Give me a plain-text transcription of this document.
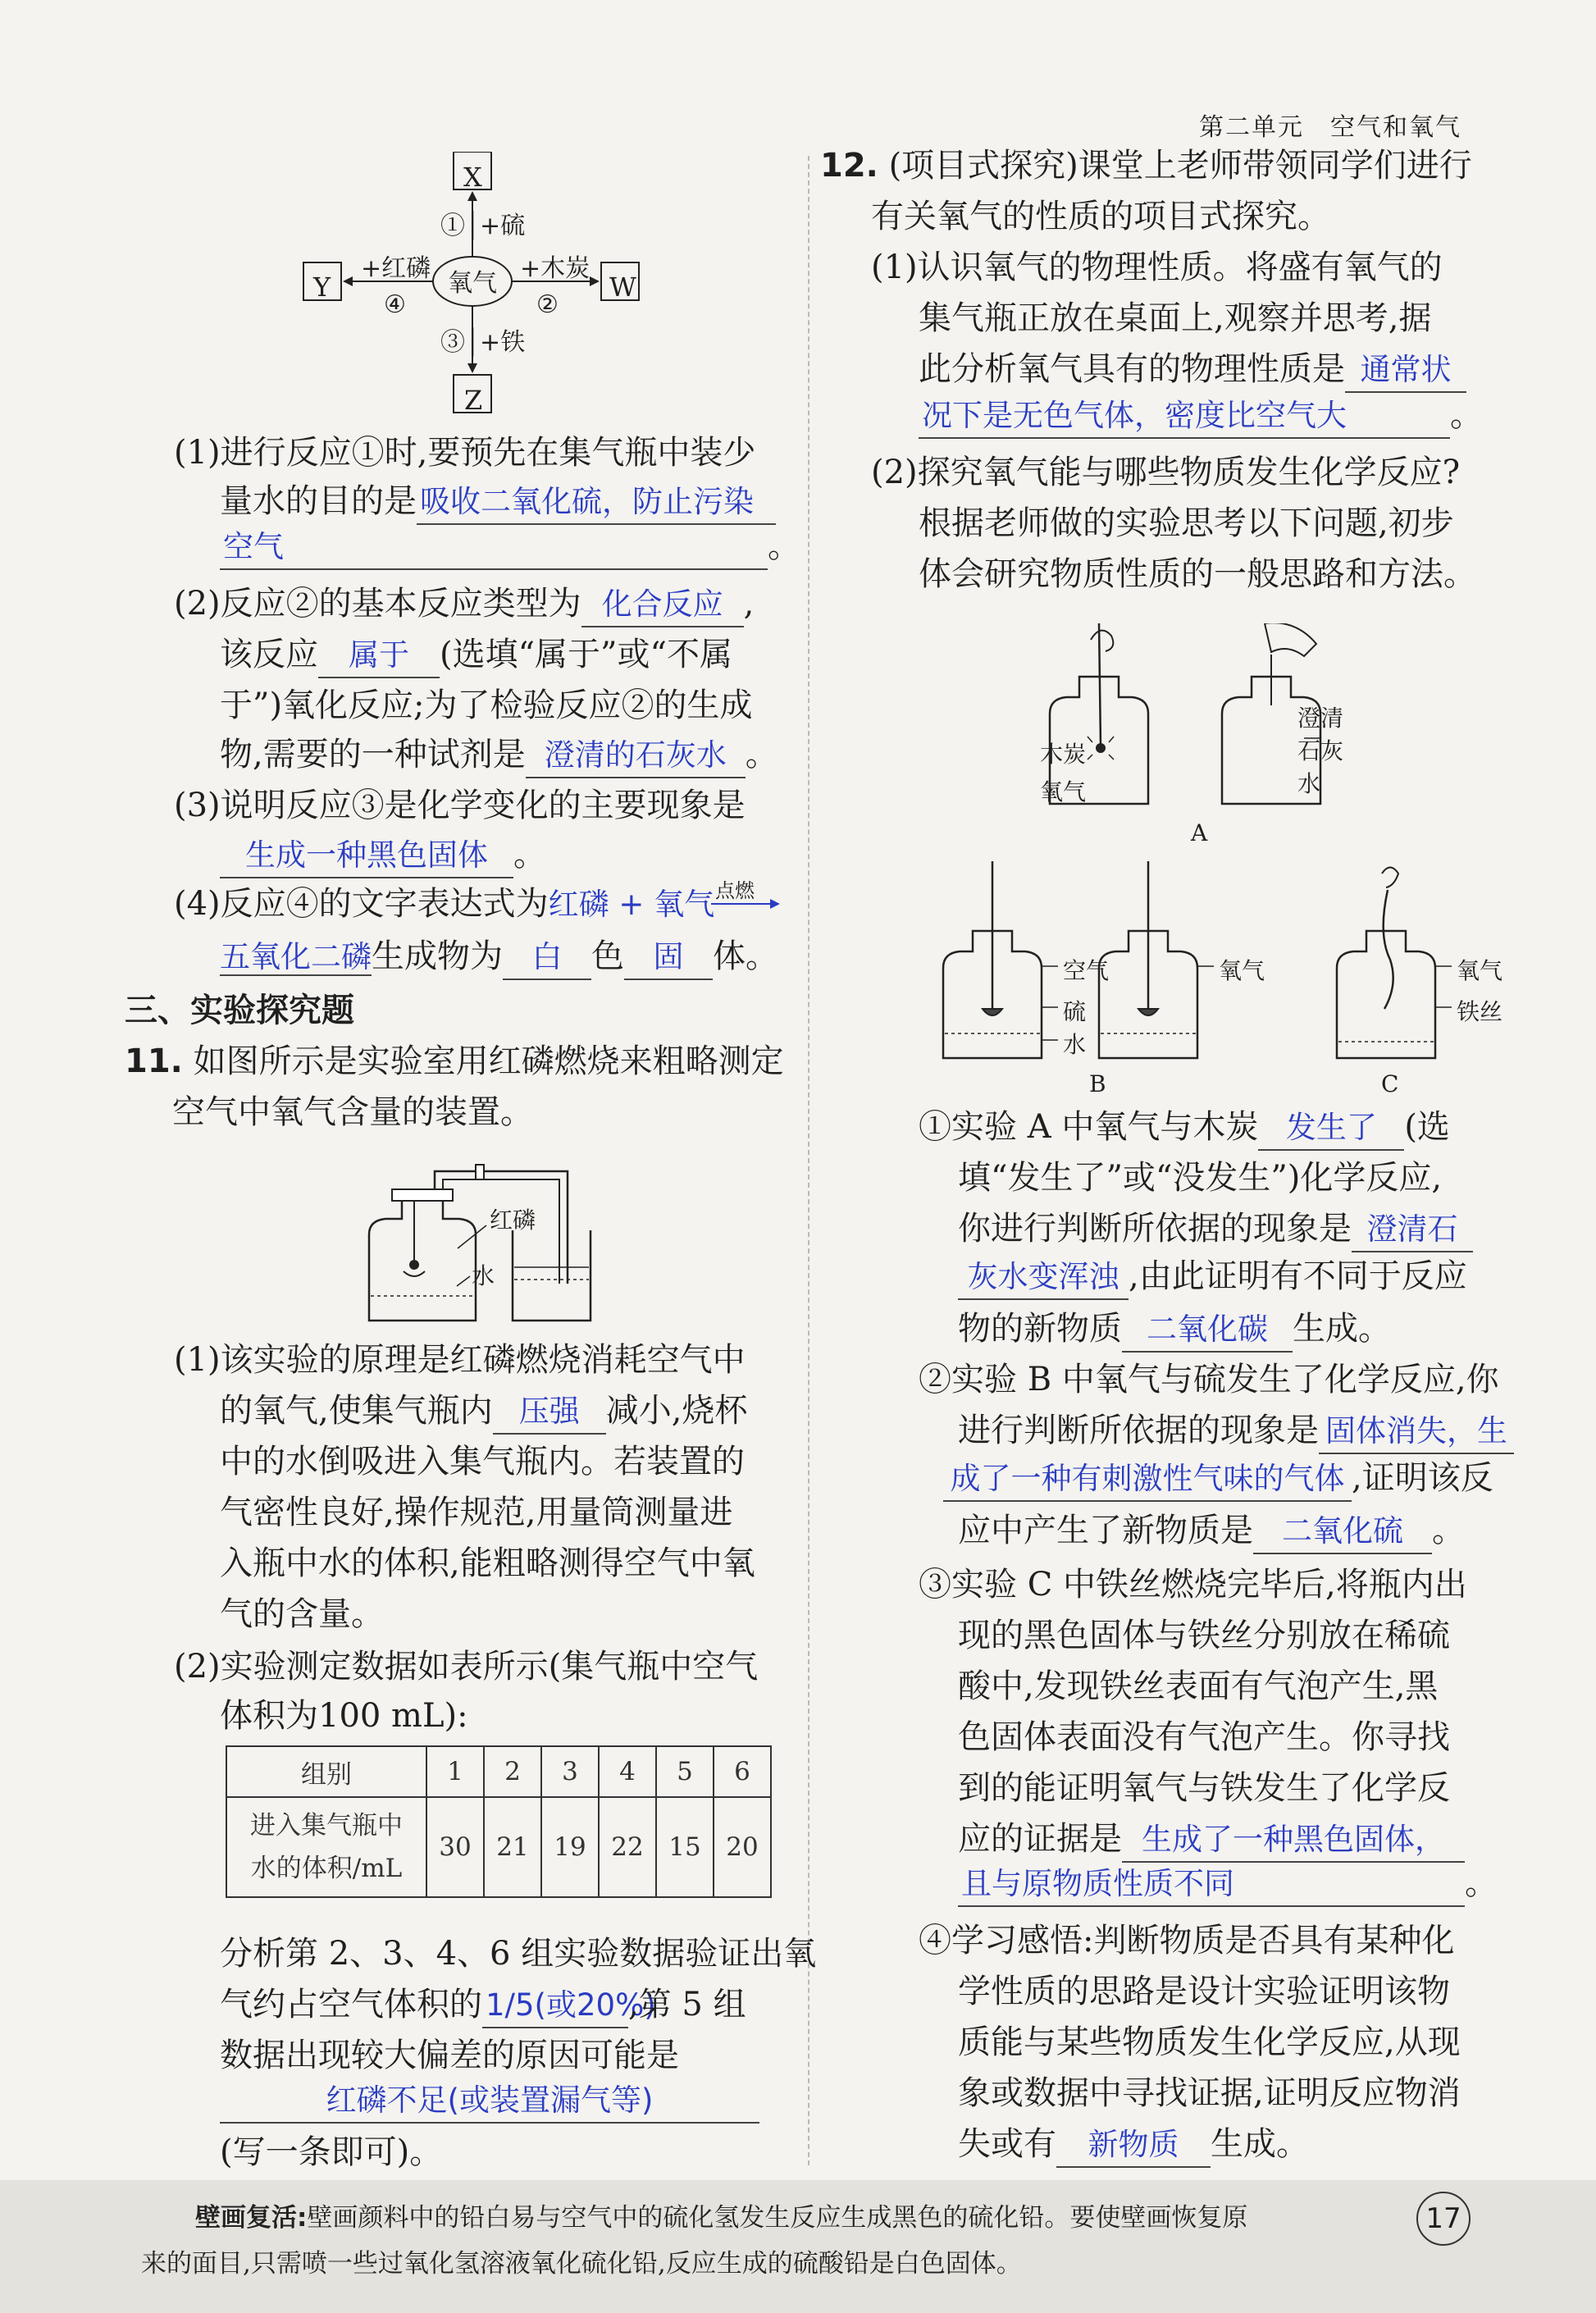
第二单元　空气和氧气
X
Y	W
Z
氧气
①│+硫
+木炭
②
+红磷
④
③│+铁
(1)进行反应①时,要预先在集气瓶中装少
量水的目的是 吸收二氧化硫，防止污染
空气	。
(2)反应②的基本反应类型为 化合反应 ,
该反应 属于 (选填“属于”或“不属
于”)氧化反应;为了检验反应②的生成
物,需要的一种试剂是 澄清的石灰水 。
(3)说明反应③是化学变化的主要现象是
生成一种黑色固体 。
(4)反应④的文字表达式为红磷 + 氧气 点燃
五氧化二磷生成物为 白 色 固 体。
三、实验探究题
11. 如图所示是实验室用红磷燃烧来粗略测定
空气中氧气含量的装置。
红磷
水
(1)该实验的原理是红磷燃烧消耗空气中
的氧气,使集气瓶内 压强 减小,烧杯
中的水倒吸进入集气瓶内。若装置的
气密性良好,操作规范,用量筒测量进
入瓶中水的体积,能粗略测得空气中氧
气的含量。
(2)实验测定数据如表所示(集气瓶中空气
体积为100 mL):
组别	1	2	3	4	5	6
进入集气瓶中
水的体积/mL	30	21	19	22	15	20
分析第 2、3、4、6 组实验数据验证出氧
气约占空气体积的 1/5(或20%),第 5 组
数据出现较大偏差的原因可能是
红磷不足(或装置漏气等)
(写一条即可)。
12. (项目式探究)课堂上老师带领同学们进行
有关氧气的性质的项目式探究。
(1)认识氧气的物理性质。将盛有氧气的
集气瓶正放在桌面上,观察并思考,据
此分析氧气具有的物理性质是 通常状
况下是无色气体，密度比空气大	。
(2)探究氧气能与哪些物质发生化学反应?
根据老师做的实验思考以下问题,初步
体会研究物质性质的一般思路和方法。
木炭
氧气
澄清
石灰
水
A
空气
硫
水
氧气
B
氧气
铁丝
C
①实验 A 中氧气与木炭 发生了 (选
填“发生了”或“没发生”)化学反应,
你进行判断所依据的现象是 澄清石
灰水变浑浊 ,由此证明有不同于反应
物的新物质 二氧化碳 生成。
②实验 B 中氧气与硫发生了化学反应,你
进行判断所依据的现象是 固体消失，生
成了一种有刺激性气味的气体 ,证明该反
应中产生了新物质是 二氧化硫 。
③实验 C 中铁丝燃烧完毕后,将瓶内出
现的黑色固体与铁丝分别放在稀硫
酸中,发现铁丝表面有气泡产生,黑
色固体表面没有气泡产生。你寻找
到的能证明氧气与铁发生了化学反
应的证据是 生成了一种黑色固体，
且与原物质性质不同	。
④学习感悟:判断物质是否具有某种化
学性质的思路是设计实验证明该物
质能与某些物质发生化学反应,从现
象或数据中寻找证据,证明反应物消
失或有 新物质 生成。
壁画复活:壁画颜料中的铅白易与空气中的硫化氢发生反应生成黑色的硫化铅。要使壁画恢复原
来的面目,只需喷一些过氧化氢溶液氧化硫化铅,反应生成的硫酸铅是白色固体。
17
